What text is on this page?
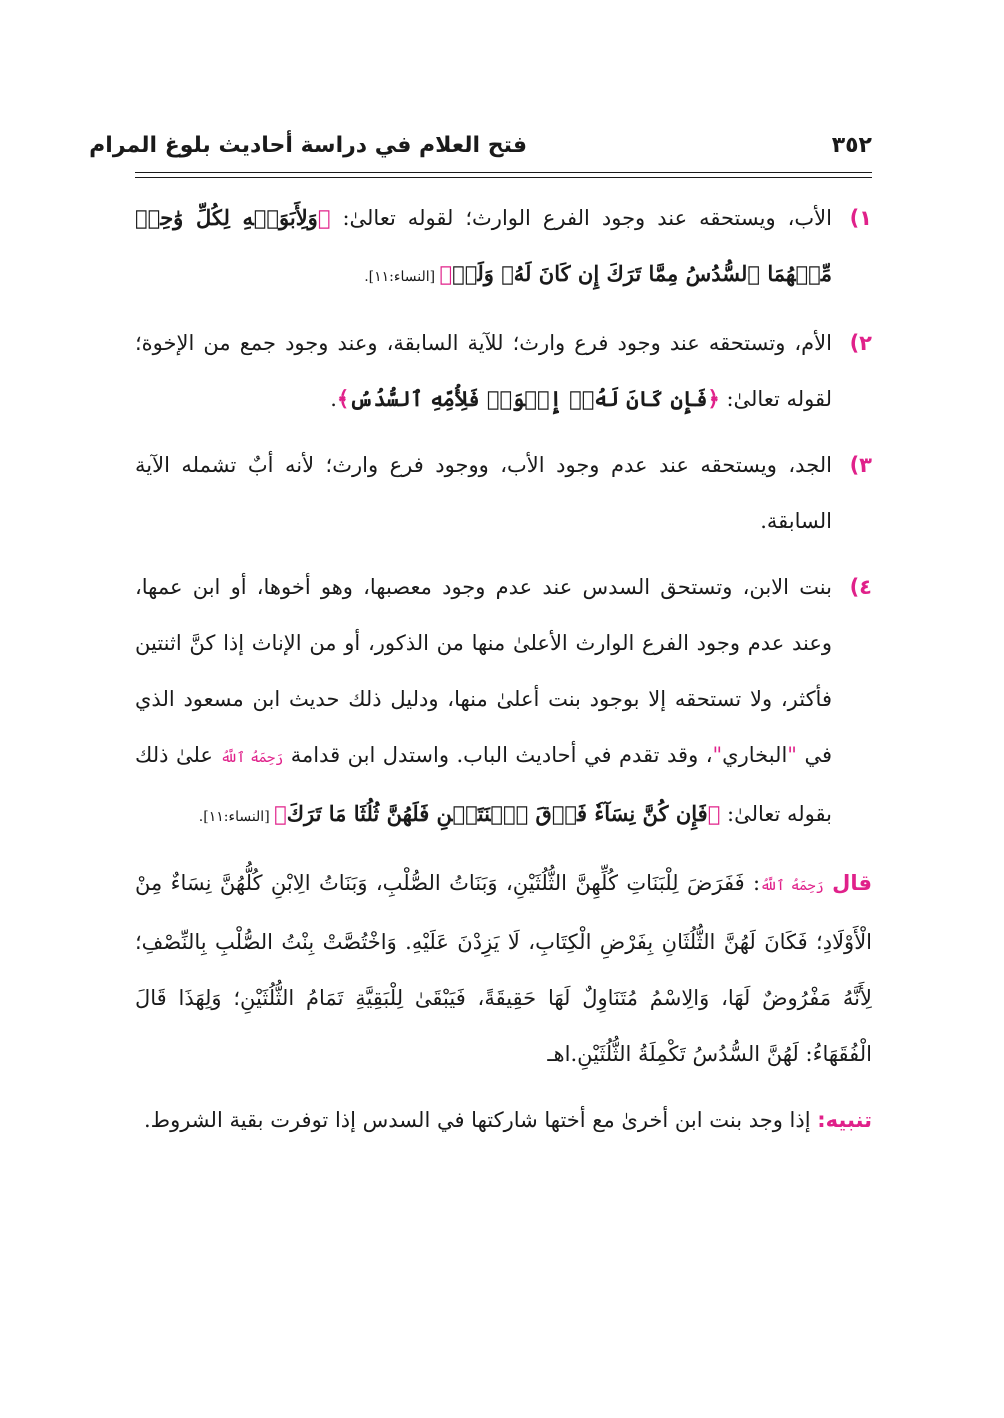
٣٥٢
فتح العلام في دراسة أحاديث بلوغ المرام
١)
الأب، ويستحقه عند وجود الفرع الوارث؛ لقوله تعالىٰ: ﴿وَلِأَبَوَيۡهِ لِكُلِّ وَٰحِدٖ مِّنۡهُمَا ٱلسُّدُسُ مِمَّا تَرَكَ إِن كَانَ لَهُۥ وَلَدٞ﴾ [النساء:١١].
٢)
الأم، وتستحقه عند وجود فرع وارث؛ للآية السابقة، وعند وجود جمع من الإخوة؛ لقوله تعالىٰ: ﴿فَإِن كَانَ لَهُۥٓ إِخۡوَةٞ فَلِأُمِّهِ ٱلسُّدُسُ﴾.
٣)
الجد، ويستحقه عند عدم وجود الأب، ووجود فرع وارث؛ لأنه أبٌ تشمله الآية السابقة.
٤)
بنت الابن، وتستحق السدس عند عدم وجود معصبها، وهو أخوها، أو ابن عمها، وعند عدم وجود الفرع الوارث الأعلىٰ منها من الذكور، أو من الإناث إذا كنَّ اثنتين فأكثر، ولا تستحقه إلا بوجود بنت أعلىٰ منها، ودليل ذلك حديث ابن مسعود الذي في "البخاري"، وقد تقدم في أحاديث الباب. واستدل ابن قدامة رَحِمَهُ ٱللَّهُ علىٰ ذلك بقوله تعالىٰ: ﴿فَإِن كُنَّ نِسَآءٗ فَوۡقَ ٱثۡنَتَيۡنِ فَلَهُنَّ ثُلُثَا مَا تَرَكَ﴾ [النساء:١١].
قال رَحِمَهُ ٱللَّهُ: فَفَرَضَ لِلْبَنَاتِ كُلِّهِنَّ الثُّلُثَيْنِ، وَبَنَاتُ الصُّلْبِ، وَبَنَاتُ الِابْنِ كُلُّهُنَّ نِسَاءٌ مِنْ الْأَوْلَادِ؛ فَكَانَ لَهُنَّ الثُّلُثَانِ بِفَرْضِ الْكِتَابِ، لَا يَزِدْنَ عَلَيْهِ. وَاخْتُصَّتْ بِنْتُ الصُّلْبِ بِالنِّصْفِ؛ لِأَنَّهُ مَفْرُوضٌ لَهَا، وَالِاسْمُ مُتَنَاوِلٌ لَهَا حَقِيقَةً، فَيَبْقَىٰ لِلْبَقِيَّةِ تَمَامُ الثُّلُثَيْنِ؛ وَلِهَذَا قَالَ الْفُقَهَاءُ: لَهُنَّ السُّدُسُ تَكْمِلَةُ الثُّلُثَيْنِ.اهـ
تنبيه: إذا وجد بنت ابن أخرىٰ مع أختها شاركتها في السدس إذا توفرت بقية الشروط.
